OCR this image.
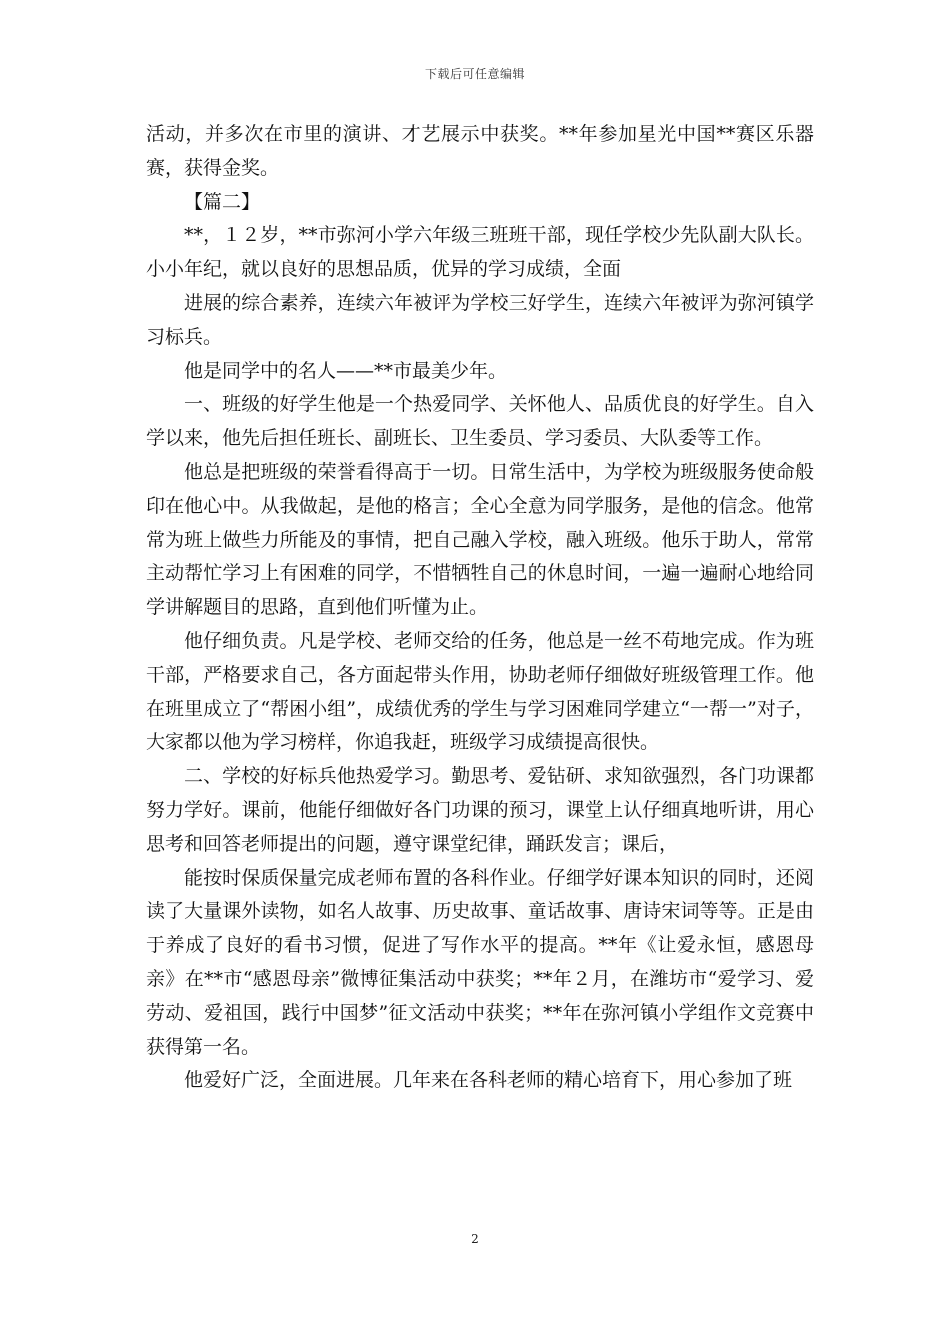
下载后可任意编辑

活动，并多次在市里的演讲、才艺展示中获奖。**年参加星光中国**赛区乐器赛，获得金奖。

【篇二】

**，１２岁，**市弥河小学六年级三班班干部，现任学校少先队副大队长。小小年纪，就以良好的思想品质，优异的学习成绩，全面

进展的综合素养，连续六年被评为学校三好学生，连续六年被评为弥河镇学习标兵。

他是同学中的名人——**市最美少年。

一、班级的好学生他是一个热爱同学、关怀他人、品质优良的好学生。自入学以来，他先后担任班长、副班长、卫生委员、学习委员、大队委等工作。

他总是把班级的荣誉看得高于一切。日常生活中，为学校为班级服务使命般印在他心中。从我做起，是他的格言；全心全意为同学服务，是他的信念。他常常为班上做些力所能及的事情，把自己融入学校，融入班级。他乐于助人，常常主动帮忙学习上有困难的同学，不惜牺牲自己的休息时间，一遍一遍耐心地给同学讲解题目的思路，直到他们听懂为止。

他仔细负责。凡是学校、老师交给的任务，他总是一丝不苟地完成。作为班干部，严格要求自己，各方面起带头作用，协助老师仔细做好班级管理工作。他在班里成立了“帮困小组”，成绩优秀的学生与学习困难同学建立“一帮一”对子，大家都以他为学习榜样，你追我赶，班级学习成绩提高很快。

二、学校的好标兵他热爱学习。勤思考、爱钻研、求知欲强烈，各门功课都努力学好。课前，他能仔细做好各门功课的预习，课堂上认仔细真地听讲，用心思考和回答老师提出的问题，遵守课堂纪律，踊跃发言；课后，

能按时保质保量完成老师布置的各科作业。仔细学好课本知识的同时，还阅读了大量课外读物，如名人故事、历史故事、童话故事、唐诗宋词等等。正是由于养成了良好的看书习惯，促进了写作水平的提高。**年《让爱永恒，感恩母亲》在**市“感恩母亲”微博征集活动中获奖；**年２月，在潍坊市“爱学习、爱劳动、爱祖国，践行中国梦”征文活动中获奖；**年在弥河镇小学组作文竞赛中获得第一名。

他爱好广泛，全面进展。几年来在各科老师的精心培育下，用心参加了班

2
